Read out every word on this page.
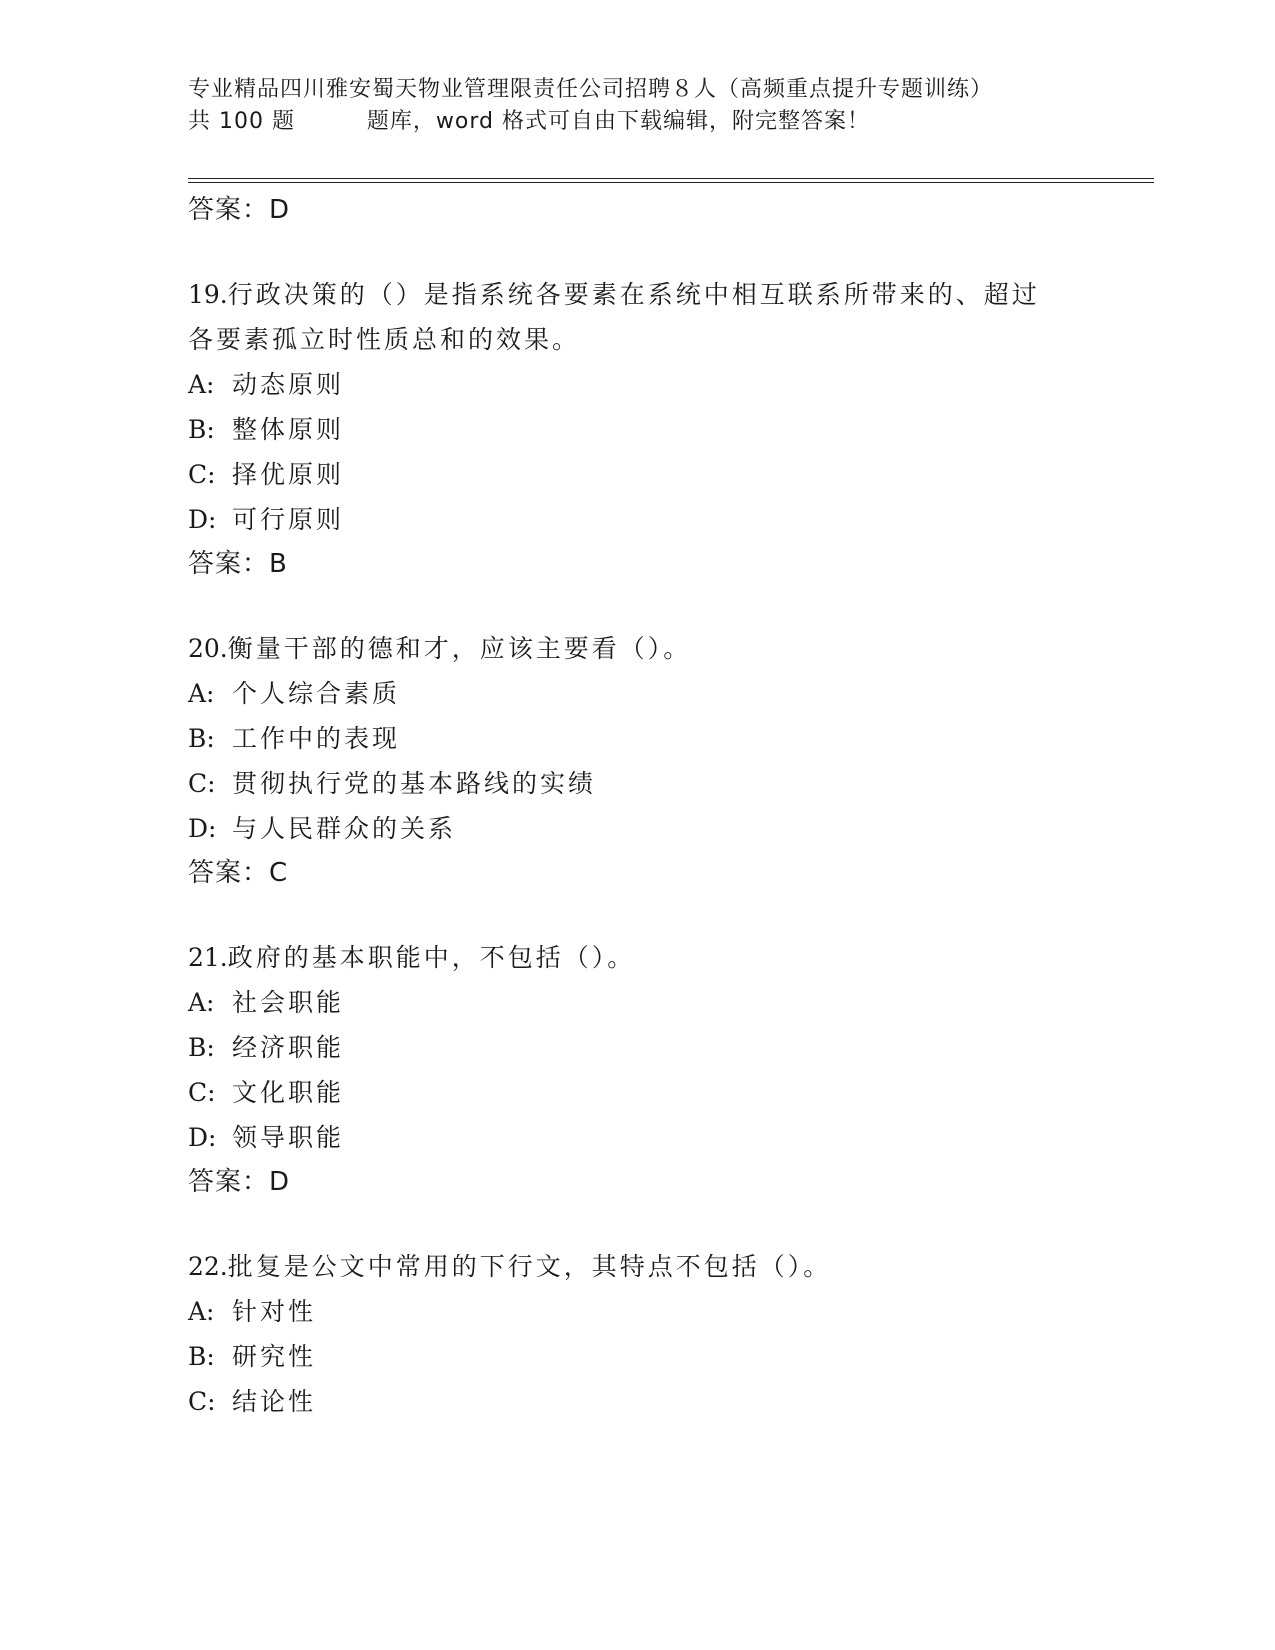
专业精品四川雅安蜀天物业管理限责任公司招聘８人（高频重点提升专题训练）
共 100 题         题库，word 格式可自由下载编辑，附完整答案！
答案：D
19.行政决策的（）是指系统各要素在系统中相互联系所带来的、超过
各要素孤立时性质总和的效果。
A: 动态原则
B: 整体原则
C: 择优原则
D: 可行原则
答案：B
20.衡量干部的德和才，应该主要看（）。
A: 个人综合素质
B: 工作中的表现
C: 贯彻执行党的基本路线的实绩
D: 与人民群众的关系
答案：C
21.政府的基本职能中，不包括（）。
A: 社会职能
B: 经济职能
C: 文化职能
D: 领导职能
答案：D
22.批复是公文中常用的下行文，其特点不包括（）。
A: 针对性
B: 研究性
C: 结论性
